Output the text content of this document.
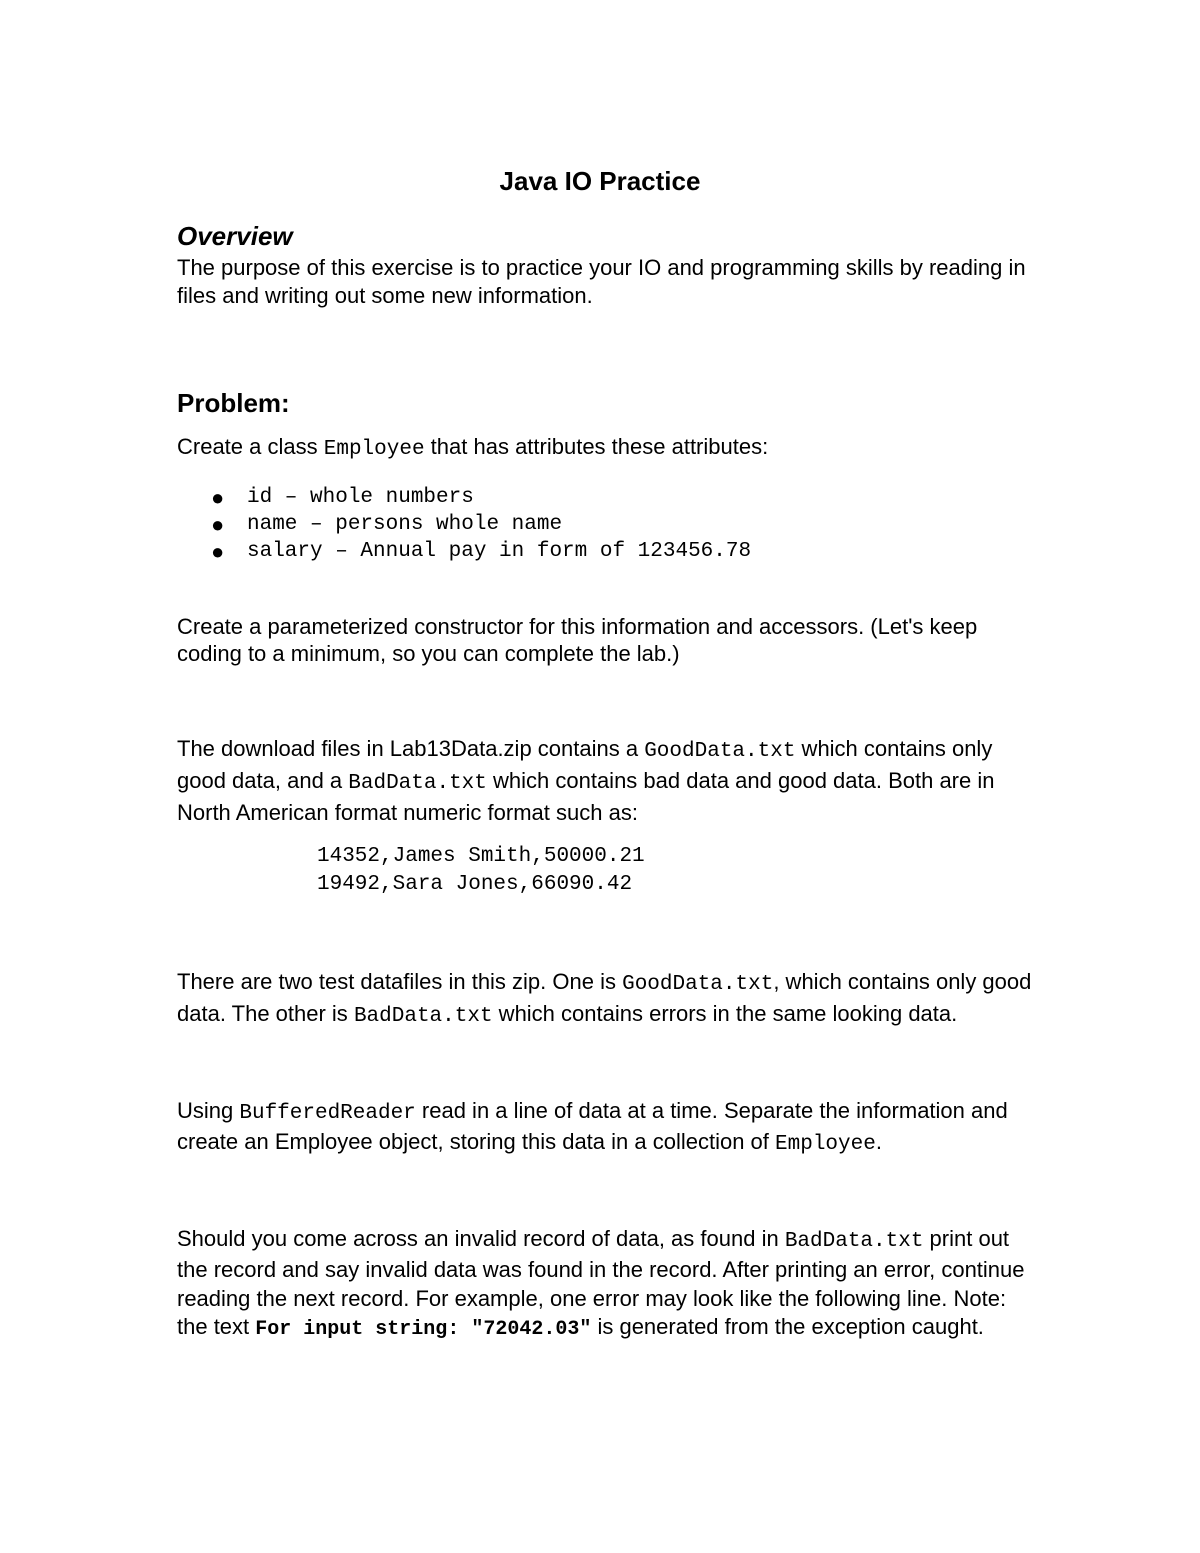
Java IO Practice
Overview

The purpose of this exercise is to practice your IO and programming skills by reading in files and writing out some new information.

Problem:

Create a class Employee that has attributes these attributes:

● id – whole numbers
● name – persons whole name
● salary – Annual pay in form of 123456.78

Create a parameterized constructor for this information and accessors. (Let's keep coding to a minimum, so you can complete the lab.)

The download files in Lab13Data.zip contains a GoodData.txt which contains only good data, and a BadData.txt which contains bad data and good data. Both are in North American format numeric format such as:

14352,James Smith,50000.21
19492,Sara Jones,66090.42

There are two test datafiles in this zip. One is GoodData.txt, which contains only good data. The other is BadData.txt which contains errors in the same looking data.

Using BufferedReader read in a line of data at a time. Separate the information and create an Employee object, storing this data in a collection of Employee.

Should you come across an invalid record of data, as found in BadData.txt print out the record and say invalid data was found in the record. After printing an error, continue reading the next record. For example, one error may look like the following line. Note: the text For input string: "72042.03" is generated from the exception caught.
